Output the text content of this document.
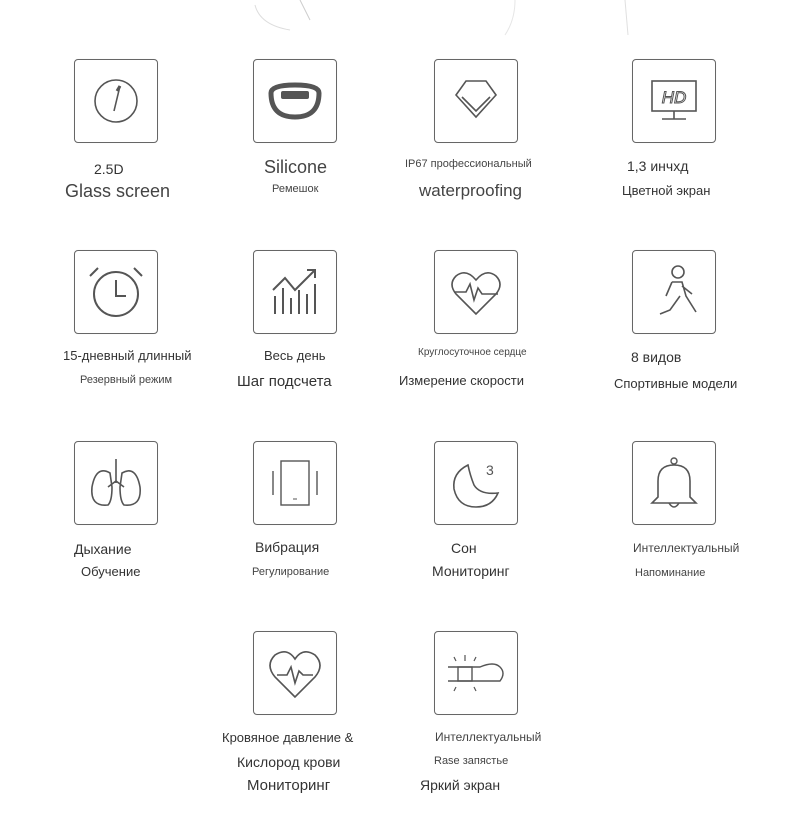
2.5D
Glass screen
Silicone
Ремешок
IP67 профессиональный
waterproofing
HD
1,3 инчхд
Цветной экран
15-дневный длинный
Резервный режим
Весь день
Шаг подсчета
Круглосуточное сердце
Измерение скорости
8 видов
Спортивные модели
Дыхание
Обучение
Вибрация
Регулирование
3
Сон
Мониторинг
Интеллектуальный
Напоминание
Кровяное давление &
Кислород крови
Мониторинг
Интеллектуальный
Rase запястье
Яркий экран
